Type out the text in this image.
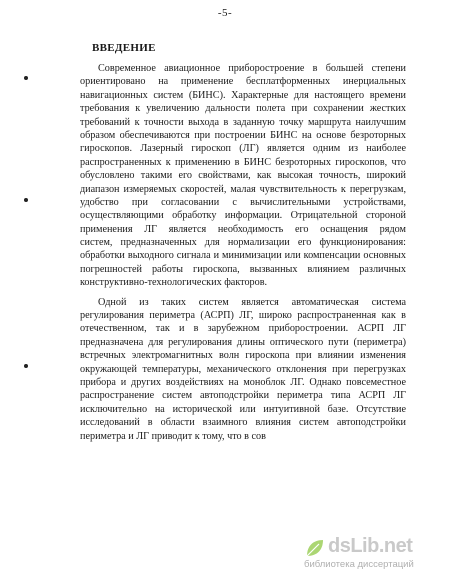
-5-
ВВЕДЕНИЕ
Современное авиационное приборостроение в большей степени
ориентировано на применение бесплатформенных инерциальных
навигационных систем (БИНС). Характерные для настоящего времени
требования к увеличению дальности полета при сохранении жестких
требований к точности выхода в заданную точку маршрута наилучшим
образом обеспечиваются при построении БИНС на основе безроторных
гироскопов. Лазерный гироскоп (ЛГ) является одним из наиболее
распространенных к применению в БИНС безроторных гироскопов, что
обусловлено такими его свойствами, как высокая точность, широкий
диапазон измеряемых скоростей, малая чувствительность к перегрузкам,
удобство при согласовании с вычислительными устройствами,
осуществляющими обработку информации. Отрицательной стороной
применения ЛГ является необходимость его оснащения рядом
систем, предназначенных для нормализации его функционирования:
обработки выходного сигнала и минимизации или компенсации основных
погрешностей работы гироскопа, вызванных влиянием различных
конструктивно-технологических факторов.
Одной из таких систем является автоматическая система
регулирования периметра (АСРП) ЛГ, широко распространенная как в
отечественном, так и в зарубежном приборостроении. АСРП ЛГ
предназначена для регулирования длины оптического пути (периметра)
встречных электромагнитных волн гироскопа при влиянии изменения
окружающей температуры, механического отклонения при перегрузках
прибора и других воздействиях на моноблок ЛГ. Однако повсеместное
распространение систем автоподстройки периметра типа АСРП ЛГ
исключительно на исторической или интуитивной базе. Отсутствие
исследований в области взаимного влияния систем автоподстройки
периметра и ЛГ приводит к тому, что в сов
dsLib.net
библиотека диссертаций
